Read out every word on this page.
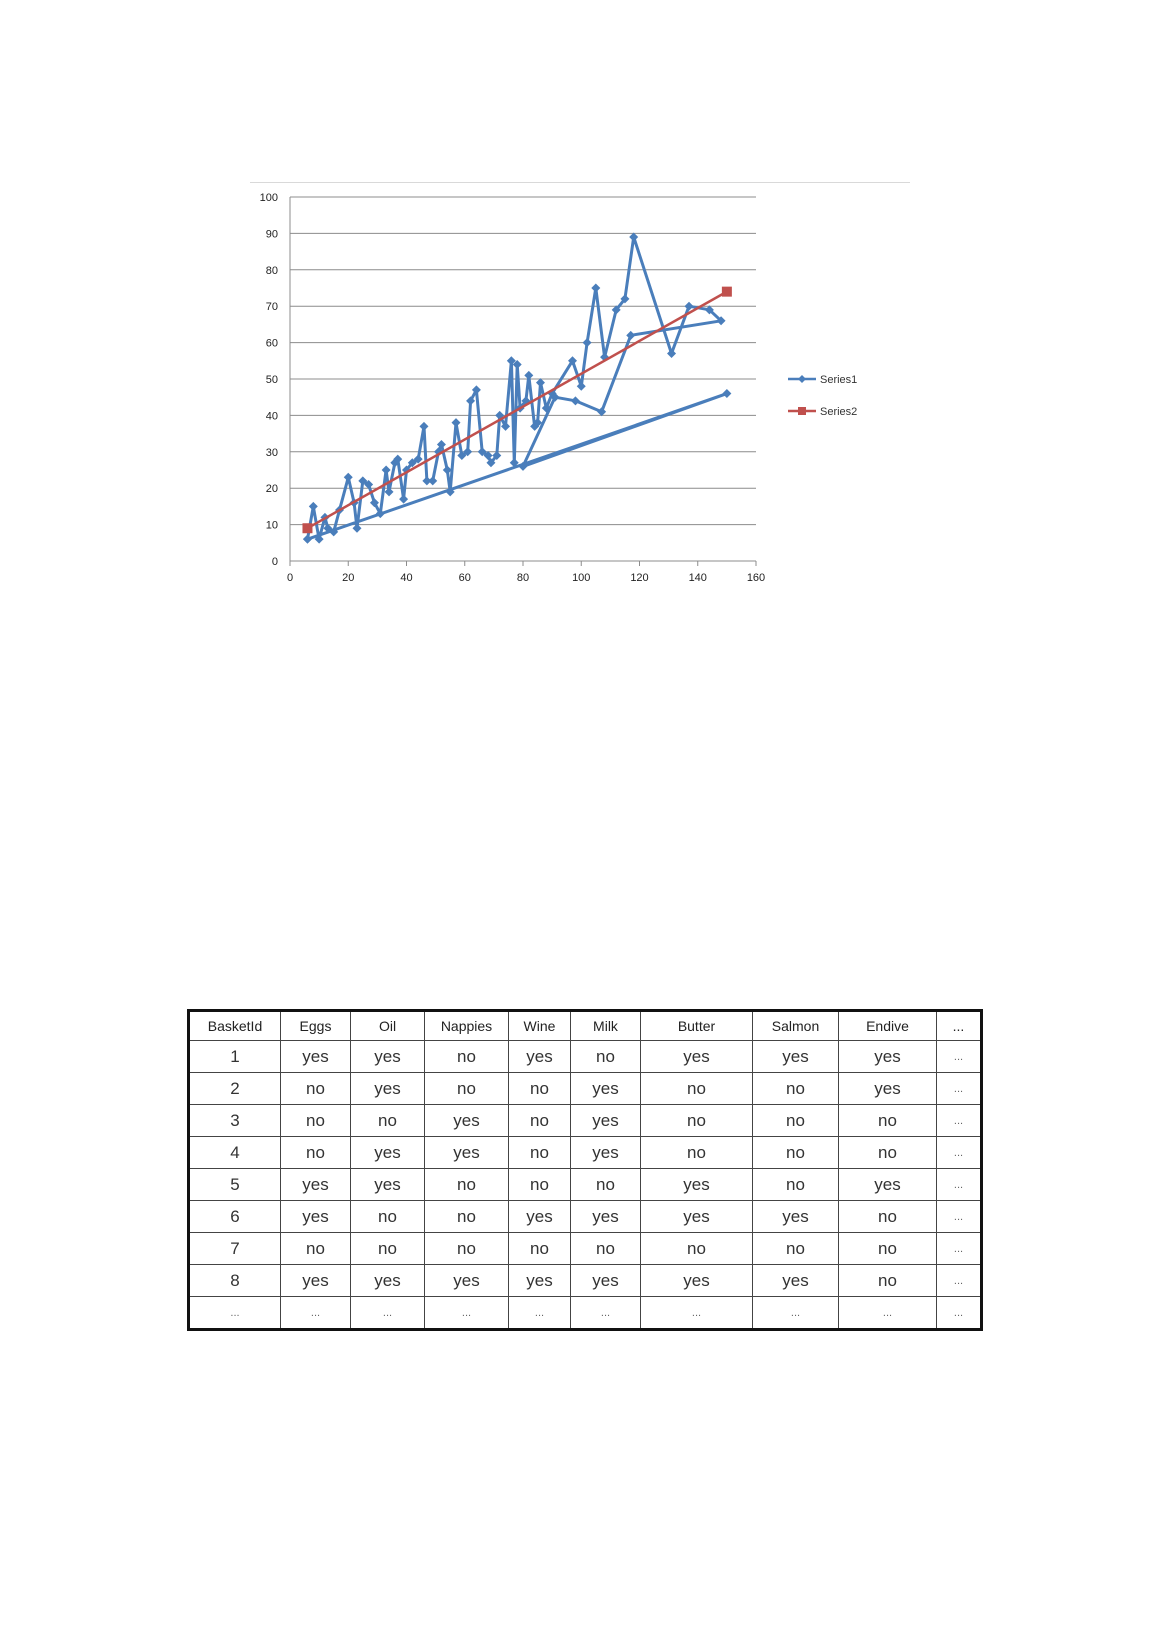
0
10
20
30
40
50
60
70
80
90
100
0	20	40	60	80	100	120	140	160
Series1
Series2
BasketId	Eggs	Oil	Nappies	Wine	Milk	Butter	Salmon	Endive	...
1	yes	yes	no	yes	no	yes	yes	yes	...
2	no	yes	no	no	yes	no	no	yes	...
3	no	no	yes	no	yes	no	no	no	...
4	no	yes	yes	no	yes	no	no	no	...
5	yes	yes	no	no	no	yes	no	yes	...
6	yes	no	no	yes	yes	yes	yes	no	...
7	no	no	no	no	no	no	no	no	...
8	yes	yes	yes	yes	yes	yes	yes	no	...
...	...	...	...	...	...	...	...	...	...
